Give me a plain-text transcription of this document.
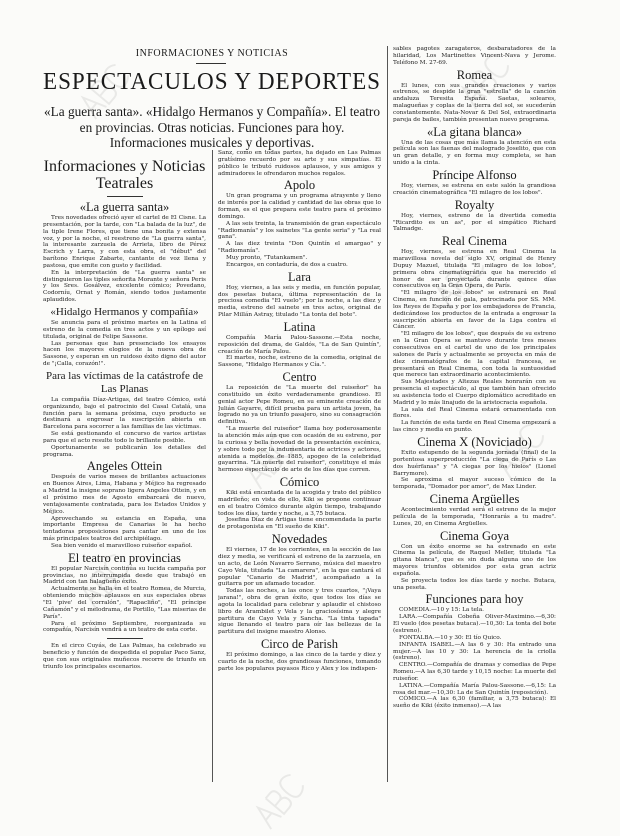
INFORMACIONES Y NOTICIAS
ESPECTACULOS Y DEPORTES
«La guerra santa». «Hidalgo Hermanos y Compañía». El teatro en provincias. Otras noticias. Funciones para hoy. Informaciones musicales y deportivas.
Informaciones y Noticias Teatrales
«La guerra santa»

Tres novedades ofreció ayer el cartel de El Cisne. La presentación, por la tarde, con "La balada de la luz", de la tiple Irene Flores, que tiene una bonita y extensa voz, y por la noche, el reestreno de "La guerra santa", la interesante zarzuela de Arrieta, libro de Pérez Escrich y Larra, y con esta obra, el "début" del barítono Enrique Zabarte, cantante de voz llena y pastosa, que emite con gusto y facilidad.

En la interpretación de "La guerra santa" se distinguieron las tiples señorita Morante y señora Peris y los Sres. Gosálvez, excelente cómico; Povedano, Codorníu, Ornat y Román, siendo todos justamente aplaudidos.

«Hidalgo Hermanos y compañía»

Se anuncia para el próximo martes en la Latina el estreno de la comedia en tres actos y un epílogo así titulada, original de Felipe Sassone.

Las personas que han presenciado los ensayos hacen los mayores elogios de la nueva obra de Sassone, y esperan en un ruidoso éxito digno del autor de "¡Calla, corazón!".

Para las víctimas de la catástrofe de Las Planas

La compañía Díaz-Artigas, del teatro Cómico, está organizando, bajo el patrocinio del Casal Catalá, una función para la semana próxima, cuyo producto se destinará a engrosar la suscripción abierta en Barcelona para socorrer a las familias de las víctimas.

Se está gestionando el concurso de varios artistas para que el acto resulte todo lo brillante posible.

Oportunamente se publicarán los detalles del programa.

Angeles Ottein

Después de varios meses de brillantes actuaciones en Buenos Aires, Lima, Habana y Méjico ha regresado a Madrid la insigne soprano ligera Angeles Ottein, y en el próximo mes de Agosto embarcará de nuevo, ventajosamente contratada, para los Estados Unidos y Méjico.

Aprovechando su estancia en España, una importante Empresa de Canarias le ha hecho tentadoras proposiciones para cantar en uno de los más principales teatros del archipiélago.

Sea bien venido el maravilloso ruiseñor español.

El teatro en provincias

El popular Narcisín continúa su lucida campaña por provincias, no interrumpida desde que trabajó en Madrid con tan halagüeño éxito.

Actualmente se halla en el teatro Romea, de Murcia, obteniendo muchos aplausos en sus especiales obras "El 'pive' del corralón", "Rapacliño", "El príncipe Cañamón" y el melodrama, de Portillo, "Las miserias de París".

Para el próximo Septiembre, reorganizada su compañía, Narcisín vendrá a un teatro de esta corte.

En el circo Cuyás, de Las Palmas, ha celebrado su beneficio y función de despedida el popular Paco Sanz, que con sus originales muñecos recorre de triunfo en triunfo los principales escenarios.

Sanz, como en todas partes, ha dejado en Las Palmas gratísimo recuerdo por su arte y sus simpatías. El público le tributó ruidosos aplausos, y sus amigos y admiradores le ofrendaron muchos regalos.

Apolo

Un gran programa y un programa atrayente y lleno de interés por la calidad y cantidad de las obras que lo forman, es el que prepara este teatro para el próximo domingo.

A las seis treinta, la transmisión de gran espectáculo "Radiomanía" y los sainetes "La gente seria" y "La real gana".

A las diez treinta "Don Quintín el amargao" y "Radiomanía".

Muy pronto, "Tutankamen".

Encargos, en contaduría, de dos a cuatro.

Lara

Hoy, viernes, a las seis y media, en función popular, dos pesetas butaca, última representación de la preciosa comedia "El vuelo"; por la noche, a las diez y media, estreno del sainete en tres actos, original de Pilar Millán Astray, titulado "La tonta del bote".

Latina

Compañía María Palou-Sassone.—Esta noche, reposición del drama, de Galdós, "La de San Quintín", creación de María Palou.

El martes, noche, estreno de la comedia, original de Sassone, "Hidalgo Hermanos y Cía.".

Centro

La reposición de "La muerte del ruiseñor" ha constituído un éxito verdaderamente grandioso. El genial actor Pepe Romeu, en su eminente creación de Julián Gayarre, difícil prueba para un artista joven, ha logrado no ya un triunfo pasajero, sino su consagración definitiva.

"La muerte del ruiseñor" llama hoy poderosamente la atención más aún que con ocasión de su estreno, por la curiosa y bella novedad de la presentación escénica, y sobre todo por la indumentaria de actrices y actores, atenida a modelos de 1885, apogeo de la celebridad gayarrina. "La muerte del ruiseñor", constituye el más hermoso espectáculo de arte de los días que corren.

Cómico

Kiki está encantada de la acogida y trato del público madrileño; en vista de ello, Kiki se propone continuar en el teatro Cómico durante algún tiempo, trabajando todos los días, tarde y noche, a 3,75 butaca.

Josefina Díaz de Artigas tiene encomendada la parte de protagonista en "El sueño de Kiki".

Novedades

El viernes, 17 de los corrientes, en la sección de las diez y media, se verificará el estreno de la zarzuela, en un acto, de León Navarro Serrano, música del maestro Cayo Vela, titulada "La camarera", en la que cantará el popular "Canario de Madrid", acompañado a la guitarra por un afamado tocador.

Todas las noches, a las once y tres cuartos, "¡Vaya jarana!", obra de gran éxito, que todos los días se agota la localidad para celebrar y aplaudir el chistoso libro de Arambilet y Vela y la graciosísima y alegre partitura de Cayo Vela y Sancha. "La tinta tapada" sigue llenando el teatro para oír las bellezas de la partitura del insigne maestro Alonso.

Circo de Parish

El próximo domingo, a las cinco de la tarde y diez y cuarto de la noche, dos grandiosas funciones, tomando parte los populares payasos Rico y Alex y los indispen-

sables pagotes zaragateros, desbaratadores de la hilaridad, Los Martinettes Vincent-Nava y Jerome. Teléfono M. 27-69.

Romea

El lunes, con sus grandes creaciones y varios estrenos, se despide la gran "estrella" de la canción andaluza Teresita España. Saetas, soleares, malagueñas y coplas de la tierra del sol, se sucederán constantemente. Nata-Novar & Del Sol, extraordinaria pareja de bailes, también presentan nuevo programa.

«La gitana blanca»

Una de las cosas que más llama la atención en esta película son las faenas del malogrado Joselito, que con un gran detalle, y en forma muy completa, se han unido a la cinta.

Príncipe Alfonso

Hoy, viernes, se estrena en este salón la grandiosa creación cinematográfica "El milagro de los lobos".

Royalty

Hoy, viernes, estreno de la divertida comedia "Ricardito es un as", por el simpático Richard Talmadge.

Real Cinema

Hoy, viernes, se estrena en Real Cinema la maravillosa novela del siglo XV, original de Henry Dupuy Mazuel, titulada "El milagro de los lobos", primera obra cinematográfica que ha merecido el honor de ser proyectada durante quince días consecutivos en la Gran Opera, de París.

"El milagro de los lobos" se estrenará en Real Cinema, en función de gala, patrocinada por SS. MM. los Reyes de España y por los embajadores de Francia, dedicándose los productos de la entrada a engrosar la suscripción abierta en favor de la Liga contra el Cáncer.

"El milagro de los lobos", que después de su estreno en la Gran Opera se mantuvo durante tres meses consecutivos en el cartel de uno de los principales salones de París y actualmente se proyecta en más de diez cinematógrafos de la capital francesa, se presentará en Real Cinema, con toda la suntuosidad que merece tan extraordinario acontecimiento.

Sus Majestades y Altezas Reales honrarán con su presencia el espectáculo, al que también han ofrecido su asistencia todo el Cuerpo diplomático acreditado en Madrid y lo más linajudo de la aristocracia española.

La sala del Real Cinema estará ornamentada con flores.

La función de esta tarde en Real Cinema empezará a las cinco y media en punto.

Cinema X (Noviciado)

Exito estupendo de la segunda jornada (final) de la portentosa superproducción "La ciega de París o Las dos huérfanas" y "A ciegas por los hielos" (Lionel Barrymore).

Se aproxima el mayor suceso cómico de la temporada, "Domador por amor", de Max Linder.

Cinema Argüelles

Acontecimiento verdad será el estreno de la mejor película de la temporada, "Honrarás a tu madre". Lunes, 20, en Cinema Argüelles.

Cinema Goya

Con un éxito enorme se ha estrenado en este Cinema la película, de Raquel Meller, titulada "La gitana blanca", que es sin duda alguna uno de los mayores triunfos obtenidos por esta gran actriz española.

Se proyecta todos los días tarde y noche. Butaca, una peseta.

Funciones para hoy

COMEDIA.—10 y 15: La tela.

LARA.—Compañía Cobeña Oliver-Maximino.—6,30: El vuelo (dos pesetas butaca).—10,30: La tonta del bote (estreno).

FONTALBA.—10 y 30: El tío Quico.

INFANTA ISABEL.—A las 6 y 30: Ha entrado una mujer.—A las 10 y 30: La herencia de la criolla (estreno).

CENTRO.—Compañía de dramas y comedias de Pepe Romeu.—A las 6,30 tarde y 10,15 noche: La muerte del ruiseñor.

LATINA.—Compañía María Palou-Sassone.—6,15: La rosa del mar.—10,30: La de San Quintín (reposición).

CÓMICO.—A las 6,30 (familiar, a 3,75 butaca): El sueño de Kiki (éxito inmenso).—A las
